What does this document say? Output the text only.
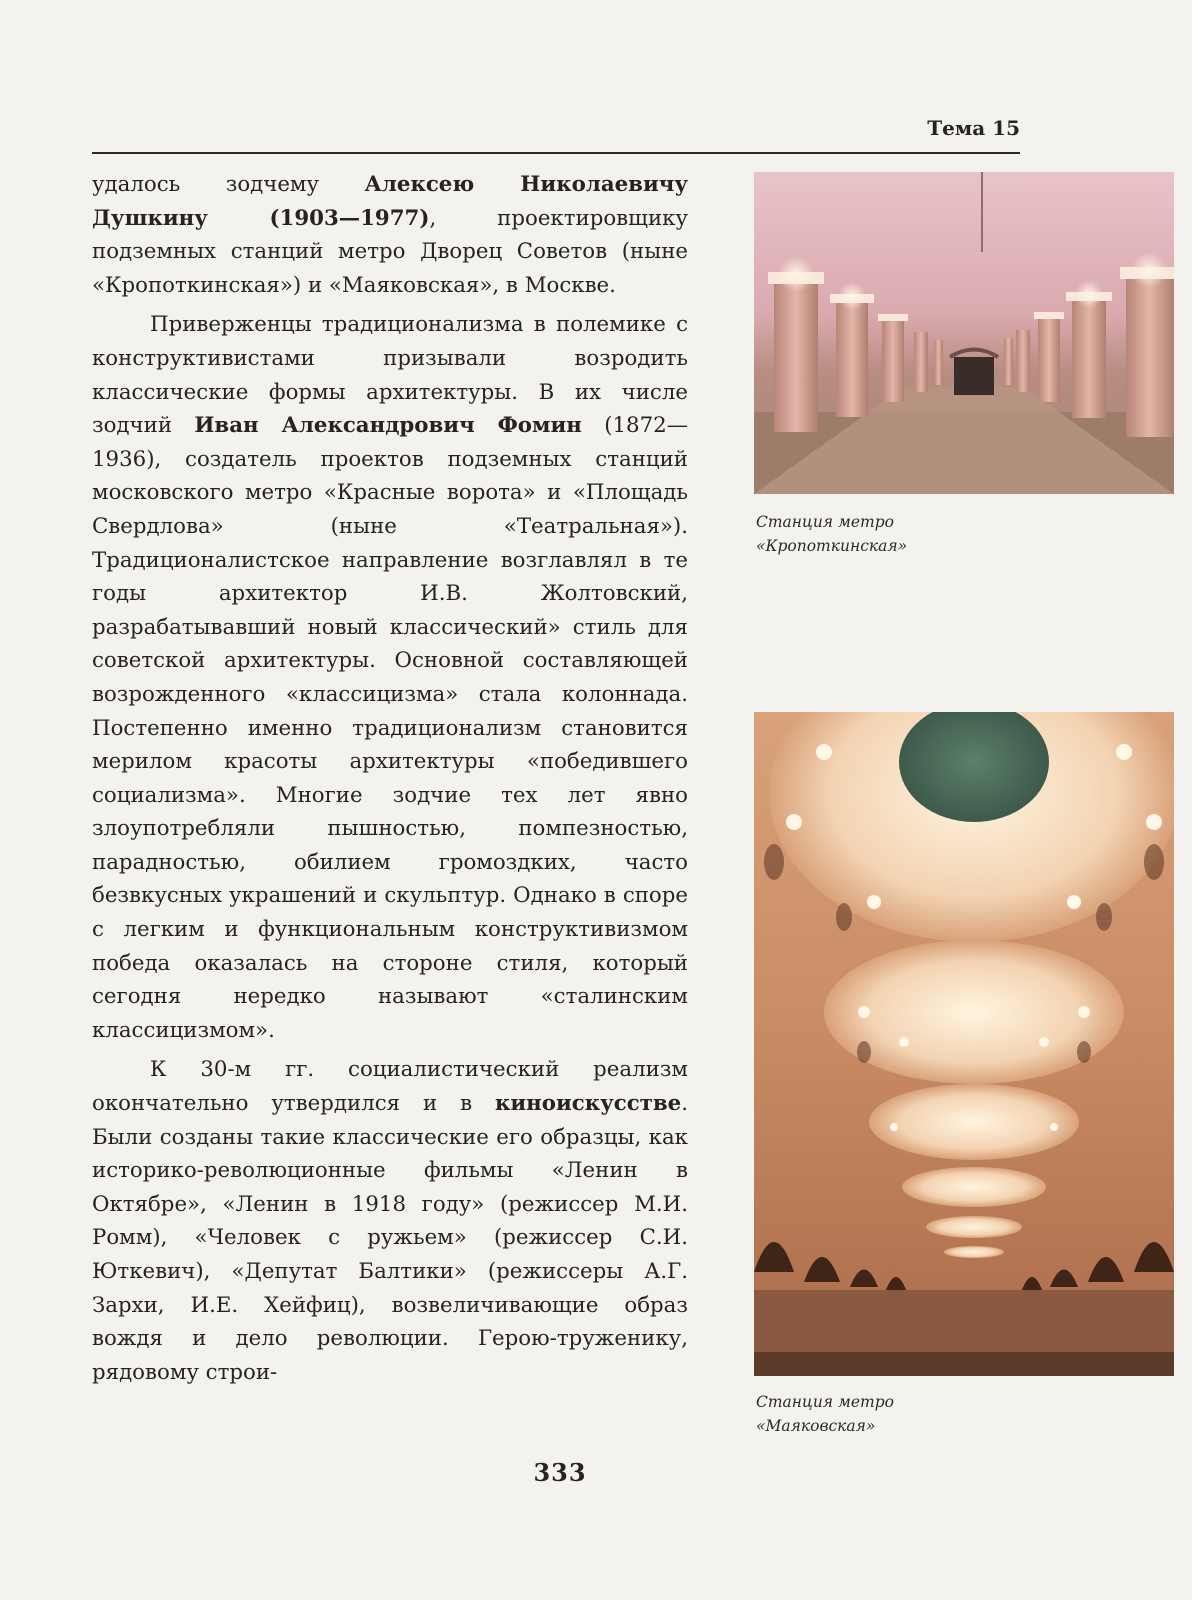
Тема 15

удалось зодчему Алексею Николаевичу Душкину (1903—1977), проектировщику подземных станций метро Дворец Советов (ныне «Кропоткинская») и «Маяковская», в Москве.

Приверженцы традиционализма в полемике с конструктивистами призывали возродить классические формы архитектуры. В их числе зодчий Иван Александрович Фомин (1872—1936), создатель проектов подземных станций московского метро «Красные ворота» и «Площадь Свердлова» (ныне «Театральная»). Традиционалистское направление возглавлял в те годы архитектор И.В. Жолтовский, разрабатывавший новый классический» стиль для советской архитектуры. Основной составляющей возрожденного «классицизма» стала колоннада. Постепенно именно традиционализм становится мерилом красоты архитектуры «победившего социализма». Многие зодчие тех лет явно злоупотребляли пышностью, помпезностью, парадностью, обилием громоздких, часто безвкусных украшений и скульптур. Однако в споре с легким и функциональным конструктивизмом победа оказалась на стороне стиля, который сегодня нередко называют «сталинским классицизмом».

К 30-м гг. социалистический реализм окончательно утвердился и в киноискусстве. Были созданы такие классические его образцы, как историко-революционные фильмы «Ленин в Октябре», «Ленин в 1918 году» (режиссер М.И. Ромм), «Человек с ружьем» (режиссер С.И. Юткевич), «Депутат Балтики» (режиссеры А.Г. Зархи, И.Е. Хейфиц), возвеличивающие образ вождя и дело революции. Герою-труженику, рядовому строи-

Станция метро
«Кропоткинская»
Станция метро
«Маяковская»
333
